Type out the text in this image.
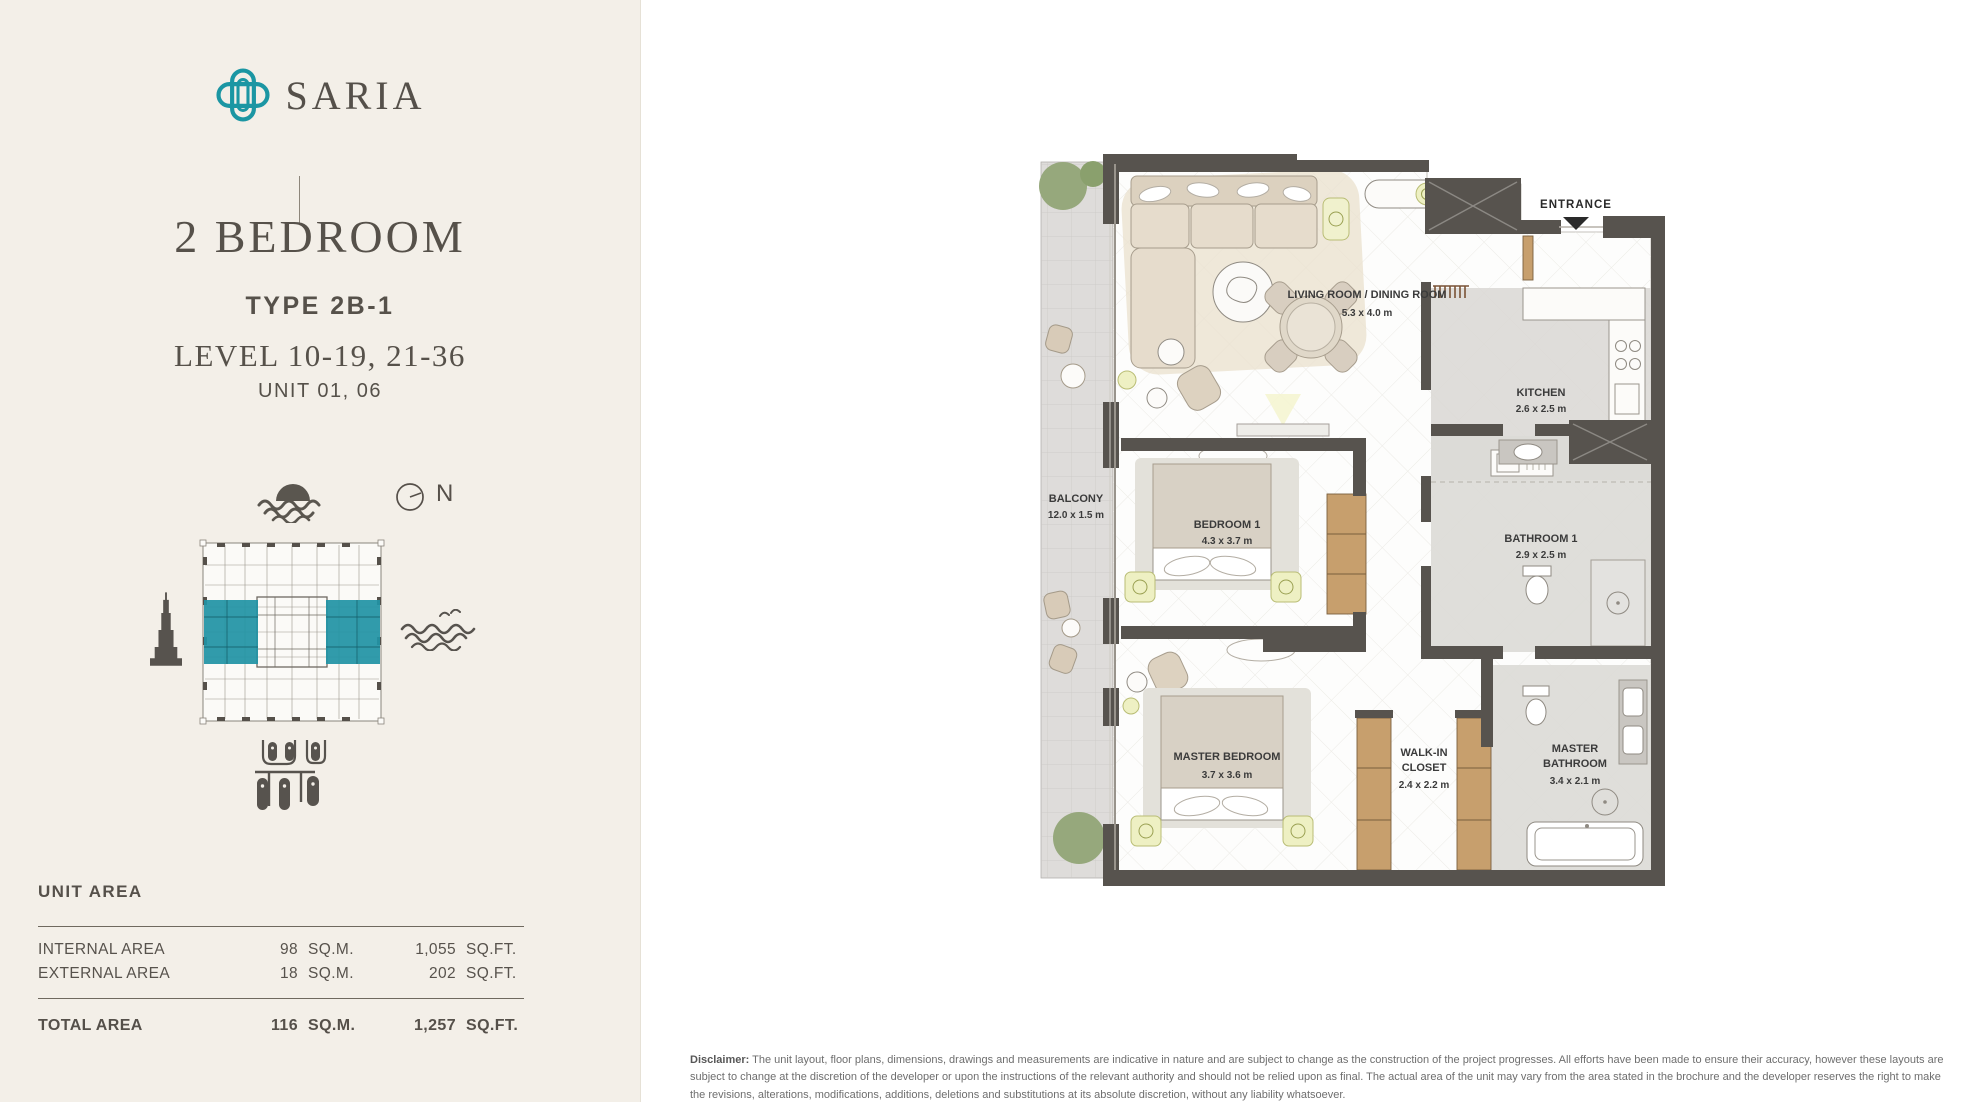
SARIA
2 BEDROOM
TYPE 2B-1
LEVEL 10-19, 21-36
UNIT 01, 06
N
UNIT AREA
INTERNAL AREA	98 SQ.M.	1,055 SQ.FT.
EXTERNAL AREA	18 SQ.M.	202 SQ.FT.
TOTAL AREA	116 SQ.M.	1,257 SQ.FT.
LIVING ROOM / DINING ROOM
5.3 x 4.0 m
KITCHEN
2.6 x 2.5 m
BALCONY
12.0 x 1.5 m
BEDROOM 1
4.3 x 3.7 m	BATHROOM 1
2.9 x 2.5 m
MASTER BEDROOM
3.7 x 3.6 m
WALK-IN
CLOSET
2.4 x 2.2 m
MASTER
BATHROOM
3.4 x 2.1 m
ENTRANCE

Disclaimer: The unit layout, floor plans, dimensions, drawings and measurements are indicative in nature and are subject to change as the construction of the project progresses. All efforts have been made to ensure their accuracy, however these layouts are subject to change at the discretion of the developer or upon the instructions of the relevant authority and should not be relied upon as final. The actual area of the unit may vary from the area stated in the brochure and the developer reserves the right to make the revisions, alterations, modifications, additions, deletions and substitutions at its absolute discretion, without any liability whatsoever.
